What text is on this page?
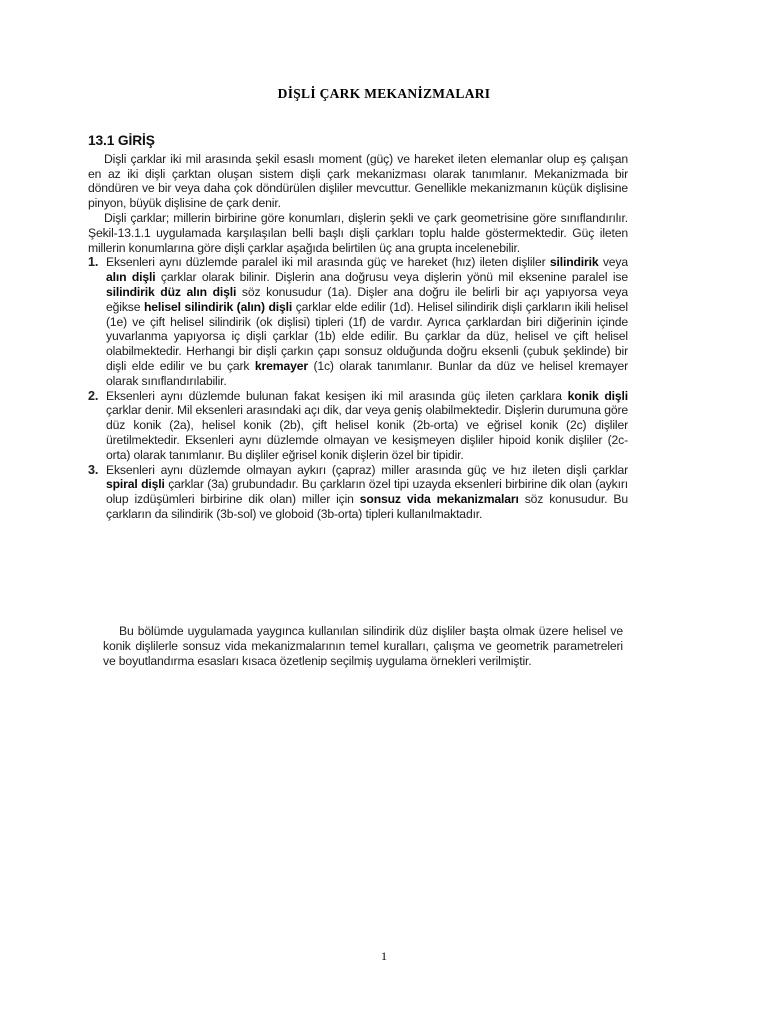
DİŞLİ ÇARK MEKANİZMALARI
13.1 GİRİŞ

Dişli çarklar iki mil arasında şekil esaslı moment (güç) ve hareket ileten elemanlar olup eş çalışan en az iki dişli çarktan oluşan sistem dişli çark mekanizması olarak tanımlanır. Mekanizmada bir döndüren ve bir veya daha çok döndürülen dişliler mevcuttur. Genellikle mekanizmanın küçük dişlisine pinyon, büyük dişlisine de çark denir.

Dişli çarklar; millerin birbirine göre konumları, dişlerin şekli ve çark geometrisine göre sınıflandırılır. Şekil-13.1.1 uygulamada karşılaşılan belli başlı dişli çarkları toplu halde göstermektedir. Güç ileten millerin konumlarına göre dişli çarklar aşağıda belirtilen üç ana grupta incelenebilir.

1. Eksenleri aynı düzlemde paralel iki mil arasında güç ve hareket (hız) ileten dişliler silindirik veya alın dişli çarklar olarak bilinir. Dişlerin ana doğrusu veya dişlerin yönü mil eksenine paralel ise silindirik düz alın dişli söz konusudur (1a). Dişler ana doğru ile belirli bir açı yapıyorsa veya eğikse helisel silindirik (alın) dişli çarklar elde edilir (1d). Helisel silindirik dişli çarkların ikili helisel (1e) ve çift helisel silindirik (ok dişlisi) tipleri (1f) de vardır. Ayrıca çarklardan biri diğerinin içinde yuvarlanma yapıyorsa iç dişli çarklar (1b) elde edilir. Bu çarklar da düz, helisel ve çift helisel olabilmektedir. Herhangi bir dişli çarkın çapı sonsuz olduğunda doğru eksenli (çubuk şeklinde) bir dişli elde edilir ve bu çark kremayer (1c) olarak tanımlanır. Bunlar da düz ve helisel kremayer olarak sınıflandırılabilir.
2. Eksenleri aynı düzlemde bulunan fakat kesişen iki mil arasında güç ileten çarklara konik dişli çarklar denir. Mil eksenleri arasındaki açı dik, dar veya geniş olabilmektedir. Dişlerin durumuna göre düz konik (2a), helisel konik (2b), çift helisel konik (2b-orta) ve eğrisel konik (2c) dişliler üretilmektedir. Eksenleri aynı düzlemde olmayan ve kesişmeyen dişliler hipoid konik dişliler (2c-orta) olarak tanımlanır. Bu dişliler eğrisel konik dişlerin özel bir tipidir.
3. Eksenleri aynı düzlemde olmayan aykırı (çapraz) miller arasında güç ve hız ileten dişli çarklar spiral dişli çarklar (3a) grubundadır. Bu çarkların özel tipi uzayda eksenleri birbirine dik olan (aykırı olup izdüşümleri birbirine dik olan) miller için sonsuz vida mekanizmaları söz konusudur. Bu çarkların da silindirik (3b-sol) ve globoid (3b-orta) tipleri kullanılmaktadır.

Bu bölümde uygulamada yaygınca kullanılan silindirik düz dişliler başta olmak üzere helisel ve konik dişlilerle sonsuz vida mekanizmalarının temel kuralları, çalışma ve geometrik parametreleri ve boyutlandırma esasları kısaca özetlenip seçilmiş uygulama örnekleri verilmiştir.

1
